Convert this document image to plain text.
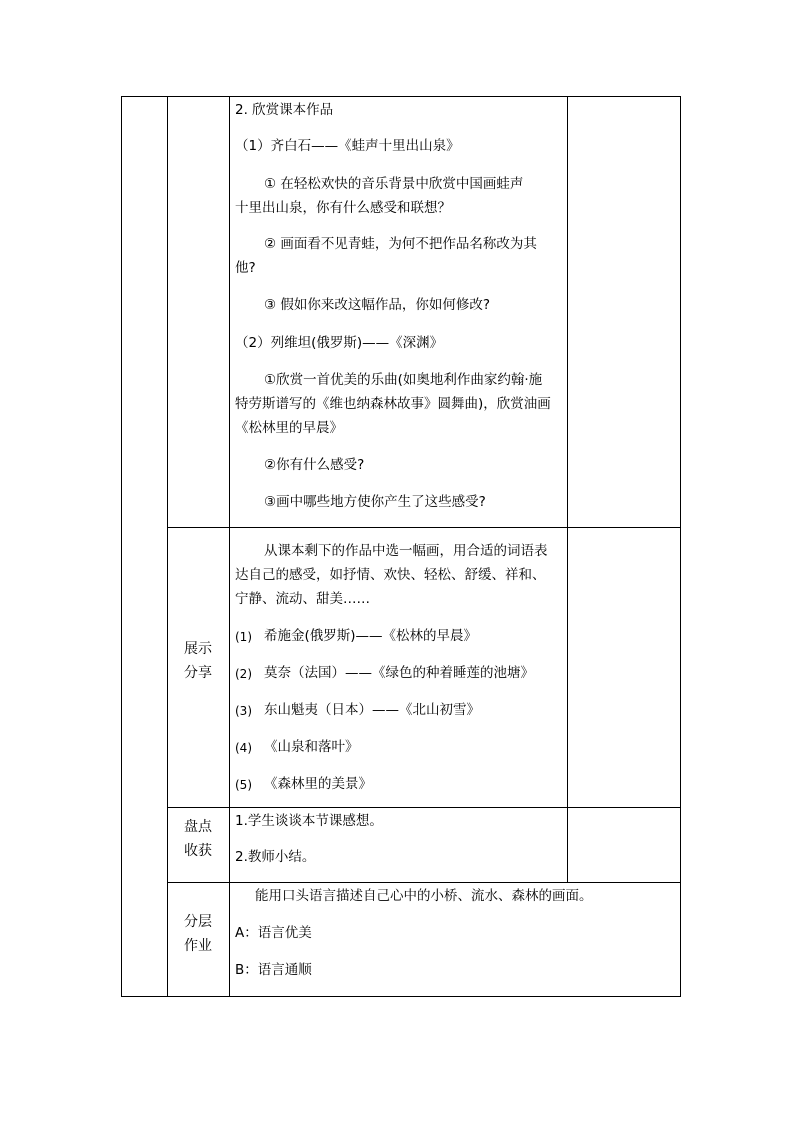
2. 欣赏课本作品
（1）齐白石——《蛙声十里出山泉》
① 在轻松欢快的音乐背景中欣赏中国画蛙声
十里出山泉，你有什么感受和联想？
② 画面看不见青蛙，为何不把作品名称改为其
他?
③ 假如你来改这幅作品，你如何修改?
（2）列维坦(俄罗斯)——《深渊》
①欣赏一首优美的乐曲(如奥地利作曲家约翰·施
特劳斯谱写的《维也纳森林故事》圆舞曲)，欣赏油画
《松林里的早晨》
②你有什么感受?
③画中哪些地方使你产生了这些感受?
展示
分享
从课本剩下的作品中选一幅画，用合适的词语表
达自己的感受，如抒情、欢快、轻松、舒缓、祥和、
宁静、流动、甜美……
(1) 希施金(俄罗斯)——《松林的早晨》
(2) 莫奈（法国）——《绿色的种着睡莲的池塘》
(3) 东山魁夷（日本）——《北山初雪》
(4) 《山泉和落叶》
(5) 《森林里的美景》
盘点
收获
1.学生谈谈本节课感想。
2.教师小结。
分层
作业
能用口头语言描述自己心中的小桥、流水、森林的画面。
A：语言优美
B：语言通顺
